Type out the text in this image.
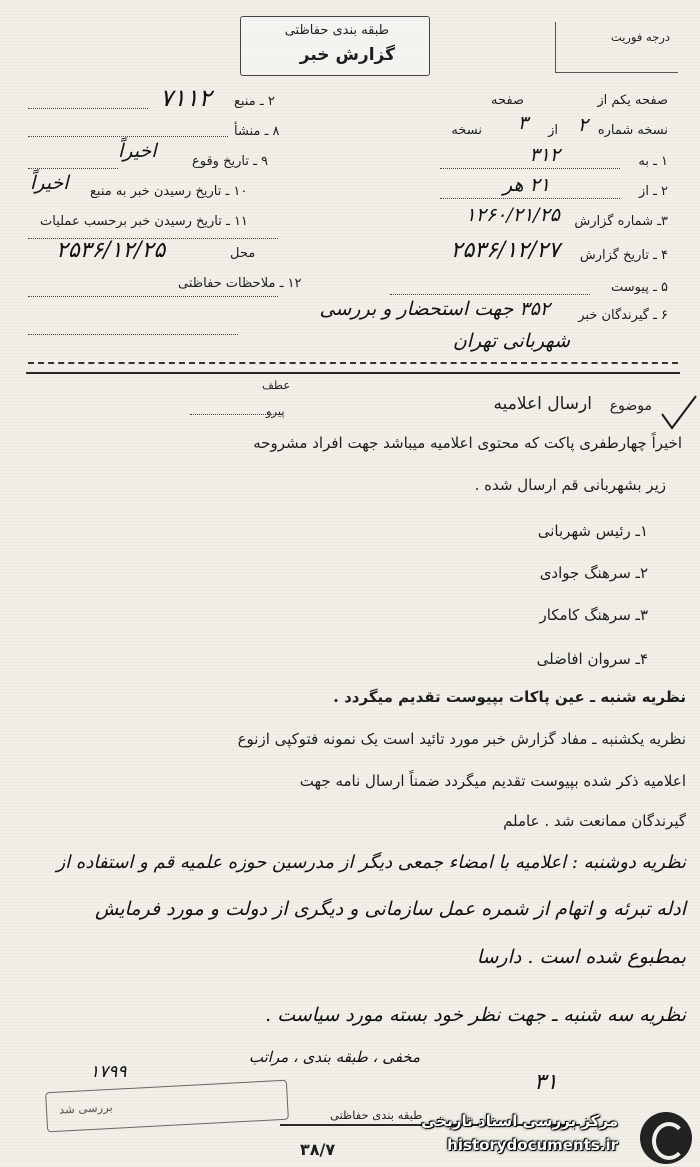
طبقه بندی حفاظتی
گزارش خبر
درجه فوریت
صفحه یکم از
صفحه
نسخه شماره
۲
از
۳
نسخه
۱ ـ به
۳۱۲
۲ ـ از
۲۱ هر
۳ـ شماره گزارش
۱۲۶۰/۲۱/۲۵
۴ ـ تاریخ گزارش
۲۵۳۶/۱۲/۲۷
۵ ـ پیوست
۶ ـ گیرندگان خبر
۳۵۲ جهت استحضار و بررسی
شهربانی تهران
۷۱۱۲ ۲ ـ منبع
۸ ـ منشأ
اخیراً	۹ ـ تاریخ وقوع
اخیراً ۱۰ ـ تاریخ رسیدن خبر به منبع
۱۱ ـ تاریخ رسیدن خبر برحسب عملیات
۲۵۳۶/۱۲/۲۵	محل
۱۲ ـ ملاحظات حفاظتی
عطف
پیرو	موضوع
ارسال اعلامیه
اخیراً چهارطفری پاکت که محتوی اعلامیه میباشد جهت افراد مشروحه
زیر بشهربانی قم ارسال شده .
۱ـ رئیس شهربانی
۲ـ سرهنگ جوادی
۳ـ سرهنگ کامکار
۴ـ سروان افاضلی
نظریه شنبه ـ عین پاکات بپیوست تقدیم میگردد .
نظریه یکشنبه ـ مفاد گزارش خبر مورد تائید است یک نمونه فتوکپی ازنوع
اعلامیه ذکر شده بپیوست تقدیم میگردد ضمناً ارسال نامه جهت
گیرندگان ممانعت شد . عاملم
نظریه دوشنبه : اعلامیه با امضاء جمعی دیگر از مدرسین حوزه علمیه قم و استفاده از
ادله تبرئه و اتهام از شمره عمل سازمانی و دیگری از دولت و مورد فرمایش
بمطبوع شده است . دارسا
نظریه سه شنبه ـ جهت نظر خود بسته مورد سیاست .
مخفی ، طبقه بندی ، مراتب
۱۷۹۹	۳۱
بررسی شد	طبقه بندی حفاظتی
۳۸/۷
مرکز بررسی اسناد تاریخی
historydocuments.ir
